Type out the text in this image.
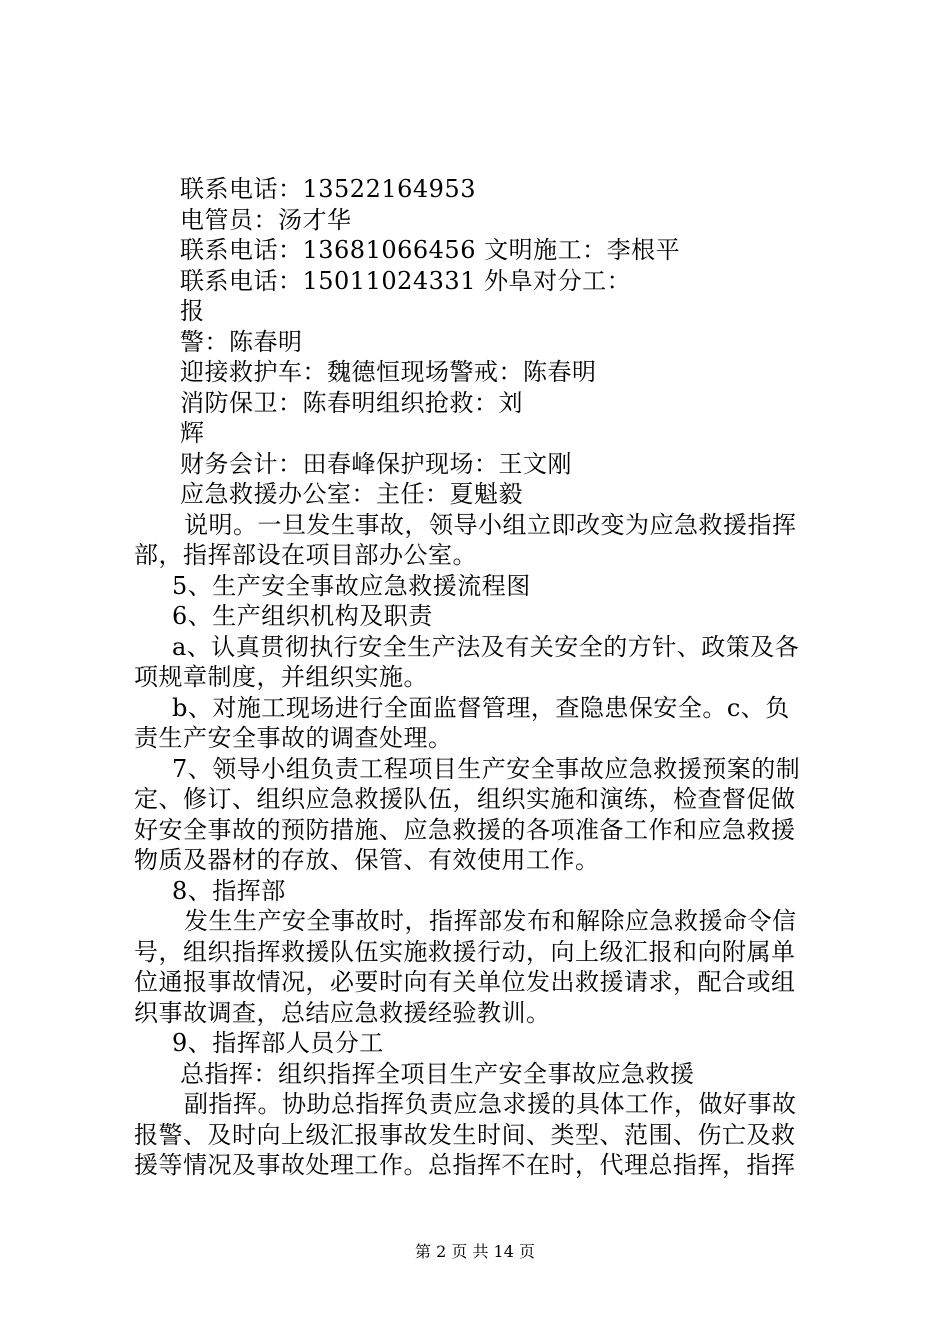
联系电话：13522164953
电管员：汤才华
联系电话：13681066456 文明施工：李根平
联系电话：15011024331 外阜对分工：
报
警：陈春明
迎接救护车：魏德恒现场警戒：陈春明
消防保卫：陈春明组织抢救：刘
辉
财务会计：田春峰保护现场：王文刚
应急救援办公室：主任：夏魁毅
说明。一旦发生事故，领导小组立即改变为应急救援指挥
部，指挥部设在项目部办公室。
5、生产安全事故应急救援流程图
6、生产组织机构及职责
a、认真贯彻执行安全生产法及有关安全的方针、政策及各
项规章制度，并组织实施。
b、对施工现场进行全面监督管理，查隐患保安全。c、负
责生产安全事故的调查处理。
7、领导小组负责工程项目生产安全事故应急救援预案的制
定、修订、组织应急救援队伍，组织实施和演练，检查督促做
好安全事故的预防措施、应急救援的各项准备工作和应急救援
物质及器材的存放、保管、有效使用工作。
8、指挥部
发生生产安全事故时，指挥部发布和解除应急救援命令信
号，组织指挥救援队伍实施救援行动，向上级汇报和向附属单
位通报事故情况，必要时向有关单位发出救援请求，配合或组
织事故调查，总结应急救援经验教训。
9、指挥部人员分工
总指挥：组织指挥全项目生产安全事故应急救援
副指挥。协助总指挥负责应急求援的具体工作，做好事故
报警、及时向上级汇报事故发生时间、类型、范围、伤亡及救
援等情况及事故处理工作。总指挥不在时，代理总指挥，指挥
第 2 页 共 14 页
